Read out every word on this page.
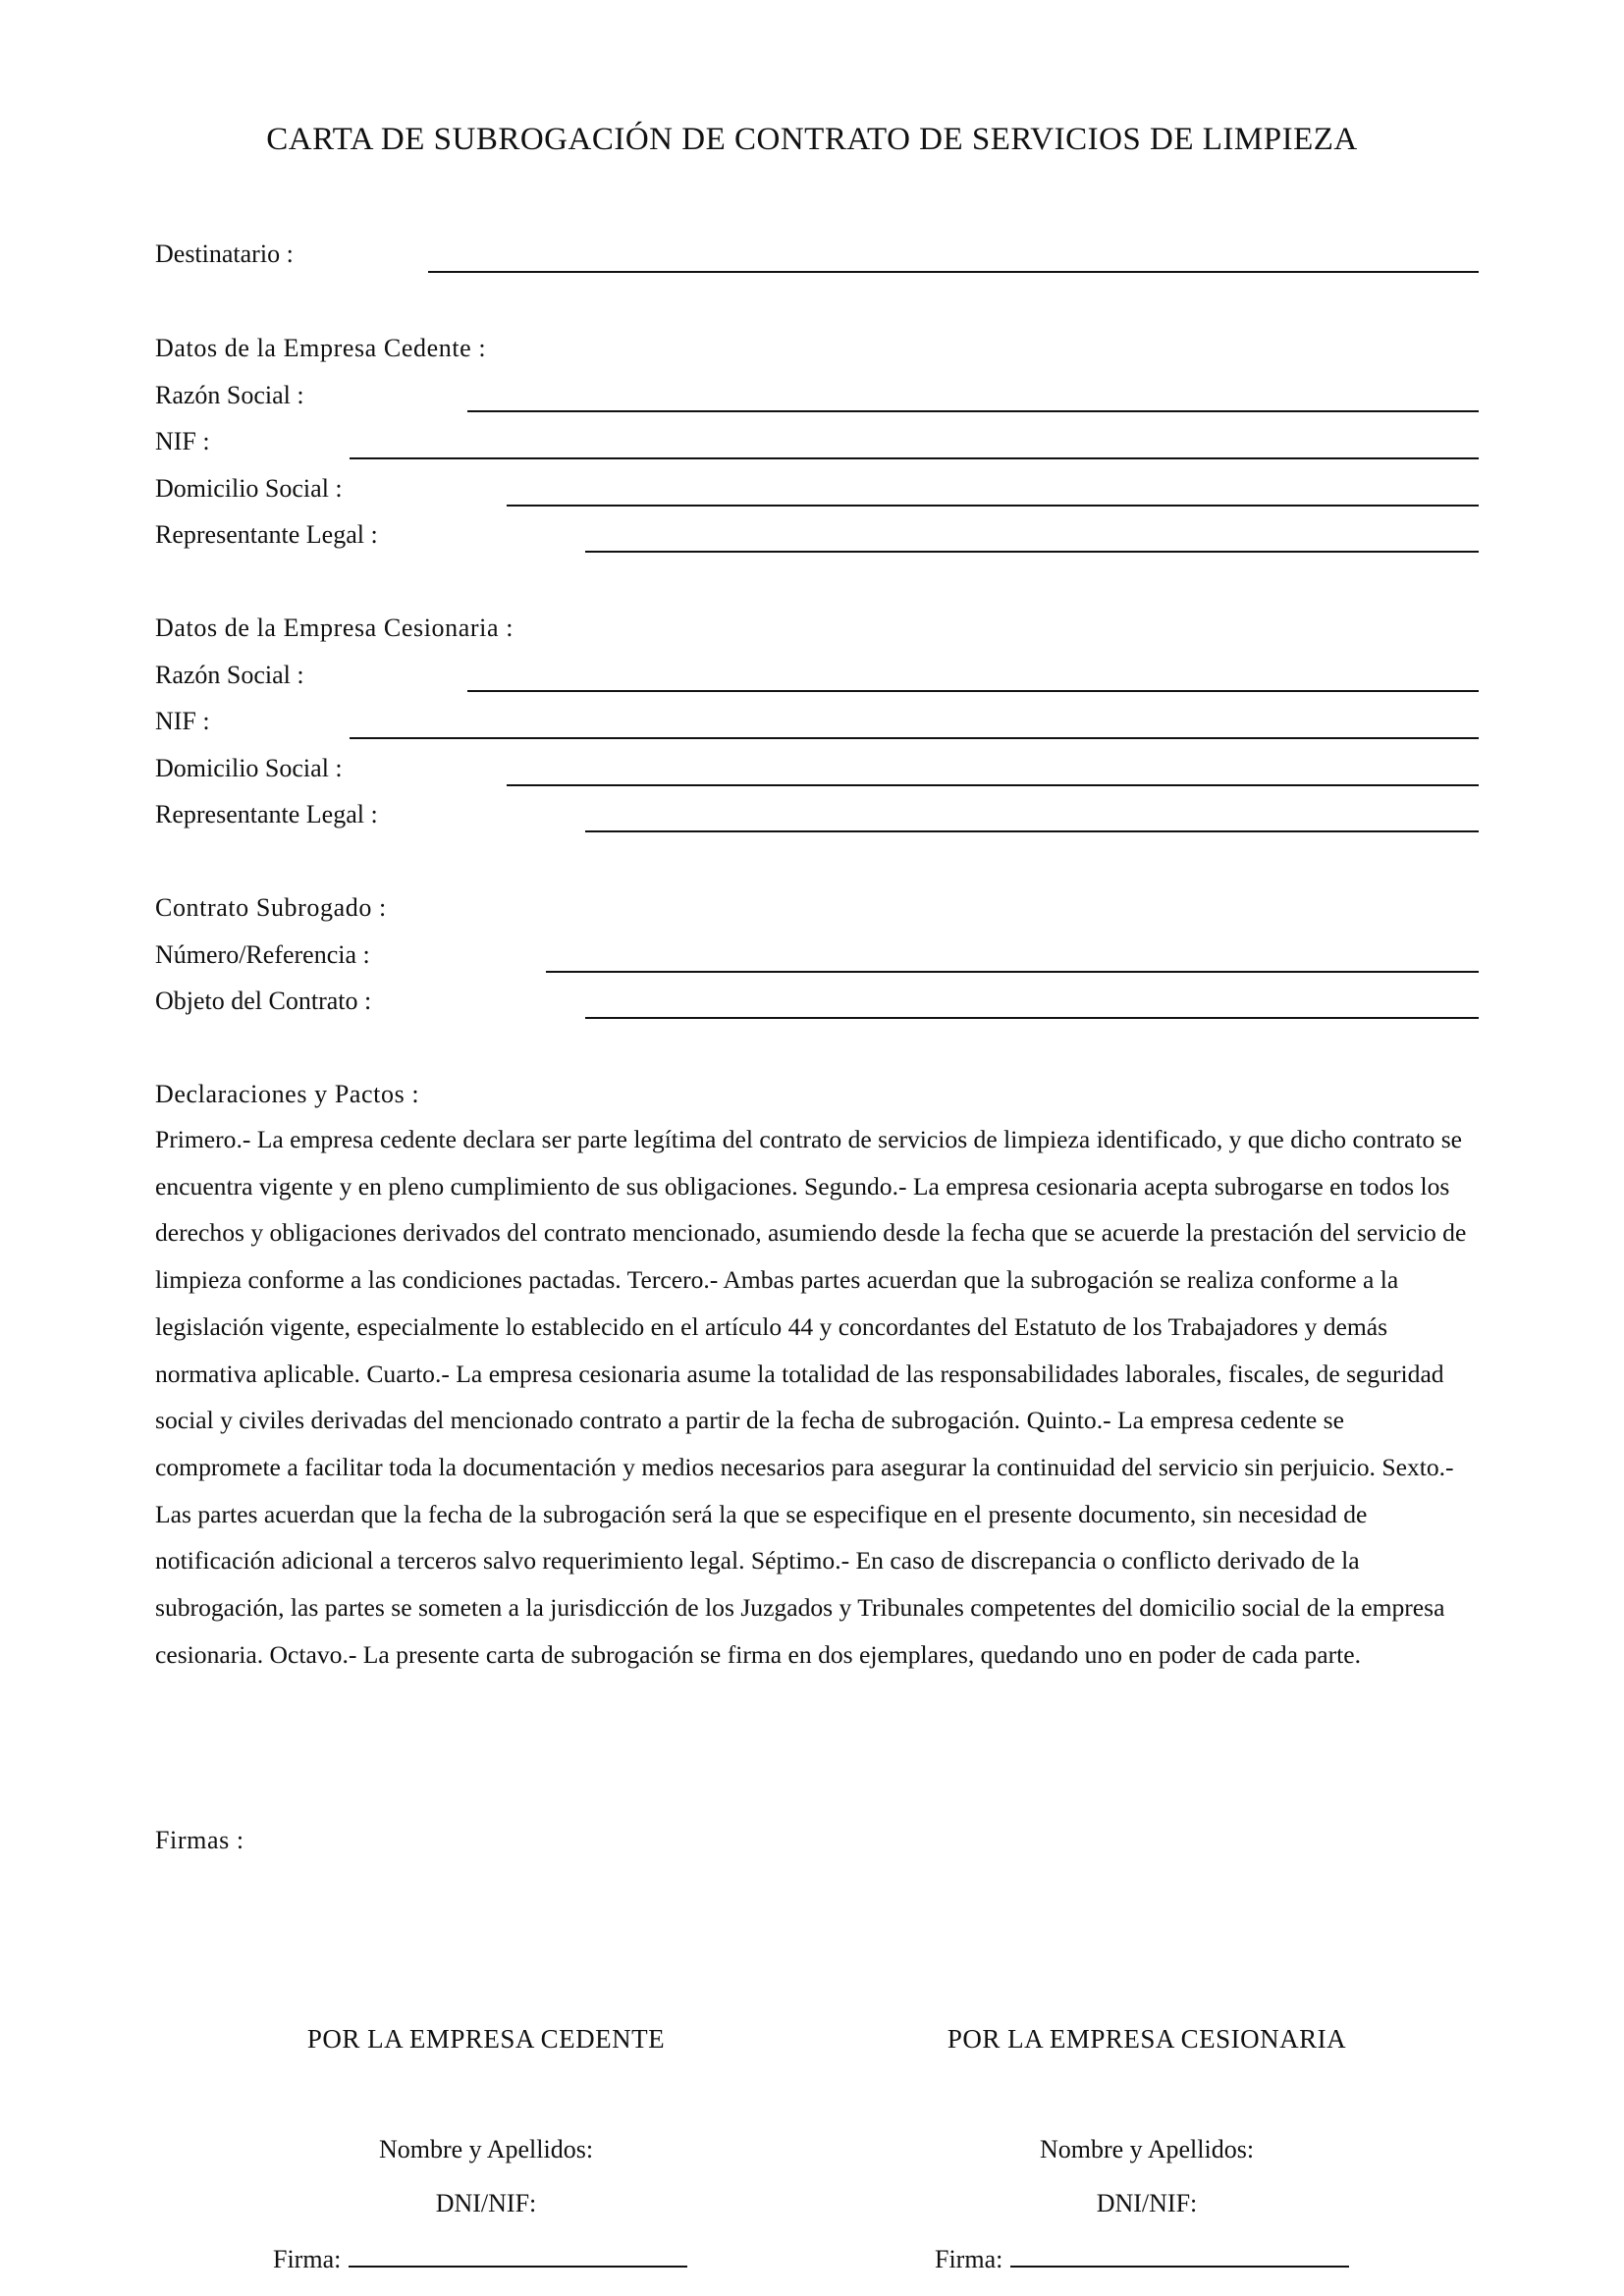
CARTA DE SUBROGACIÓN DE CONTRATO DE SERVICIOS DE LIMPIEZA
Destinatario :
Datos de la Empresa Cedente :
Razón Social :
NIF :
Domicilio Social :
Representante Legal :
Datos de la Empresa Cesionaria :
Razón Social :
NIF :
Domicilio Social :
Representante Legal :
Contrato Subrogado :
Número/Referencia :
Objeto del Contrato :
Declaraciones y Pactos :
Primero.- La empresa cedente declara ser parte legítima del contrato de servicios de limpieza identificado, y que dicho contrato se encuentra vigente y en pleno cumplimiento de sus obligaciones. Segundo.- La empresa cesionaria acepta subrogarse en todos los derechos y obligaciones derivados del contrato mencionado, asumiendo desde la fecha que se acuerde la prestación del servicio de limpieza conforme a las condiciones pactadas. Tercero.- Ambas partes acuerdan que la subrogación se realiza conforme a la legislación vigente, especialmente lo establecido en el artículo 44 y concordantes del Estatuto de los Trabajadores y demás normativa aplicable. Cuarto.- La empresa cesionaria asume la totalidad de las responsabilidades laborales, fiscales, de seguridad social y civiles derivadas del mencionado contrato a partir de la fecha de subrogación. Quinto.- La empresa cedente se compromete a facilitar toda la documentación y medios necesarios para asegurar la continuidad del servicio sin perjuicio. Sexto.- Las partes acuerdan que la fecha de la subrogación será la que se especifique en el presente documento, sin necesidad de notificación adicional a terceros salvo requerimiento legal. Séptimo.- En caso de discrepancia o conflicto derivado de la subrogación, las partes se someten a la jurisdicción de los Juzgados y Tribunales competentes del domicilio social de la empresa cesionaria. Octavo.- La presente carta de subrogación se firma en dos ejemplares, quedando uno en poder de cada parte.
Firmas :
POR LA EMPRESA CEDENTE
Nombre y Apellidos:
DNI/NIF:
Firma:
POR LA EMPRESA CESIONARIA
Nombre y Apellidos:
DNI/NIF:
Firma:
